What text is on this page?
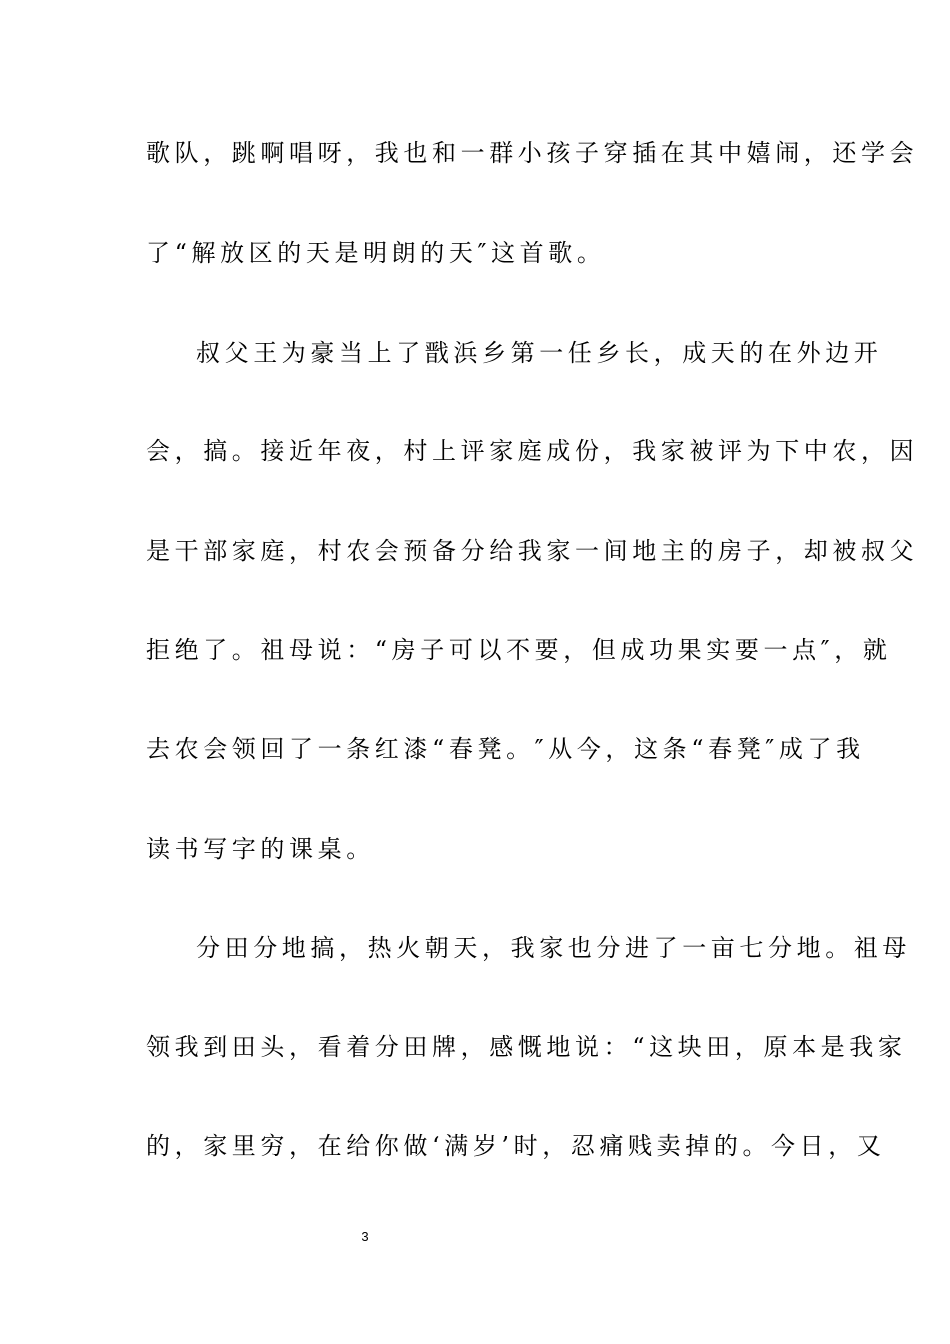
歌队，跳啊唱呀，我也和一群小孩子穿插在其中嬉闹，还学会
了“解放区的天是明朗的天″这首歌。
叔父王为豪当上了戬浜乡第一任乡长，成天的在外边开
会，搞。接近年夜，村上评家庭成份，我家被评为下中农，因
是干部家庭，村农会预备分给我家一间地主的房子，却被叔父
拒绝了。祖母说：“房子可以不要，但成功果实要一点″，就
去农会领回了一条红漆“春凳。″从今，这条“春凳″成了我
读书写字的课桌。
分田分地搞，热火朝天，我家也分进了一亩七分地。祖母
领我到田头，看着分田牌，感慨地说：“这块田，原本是我家
的，家里穷，在给你做‘满岁’时，忍痛贱卖掉的。今日，又
3
